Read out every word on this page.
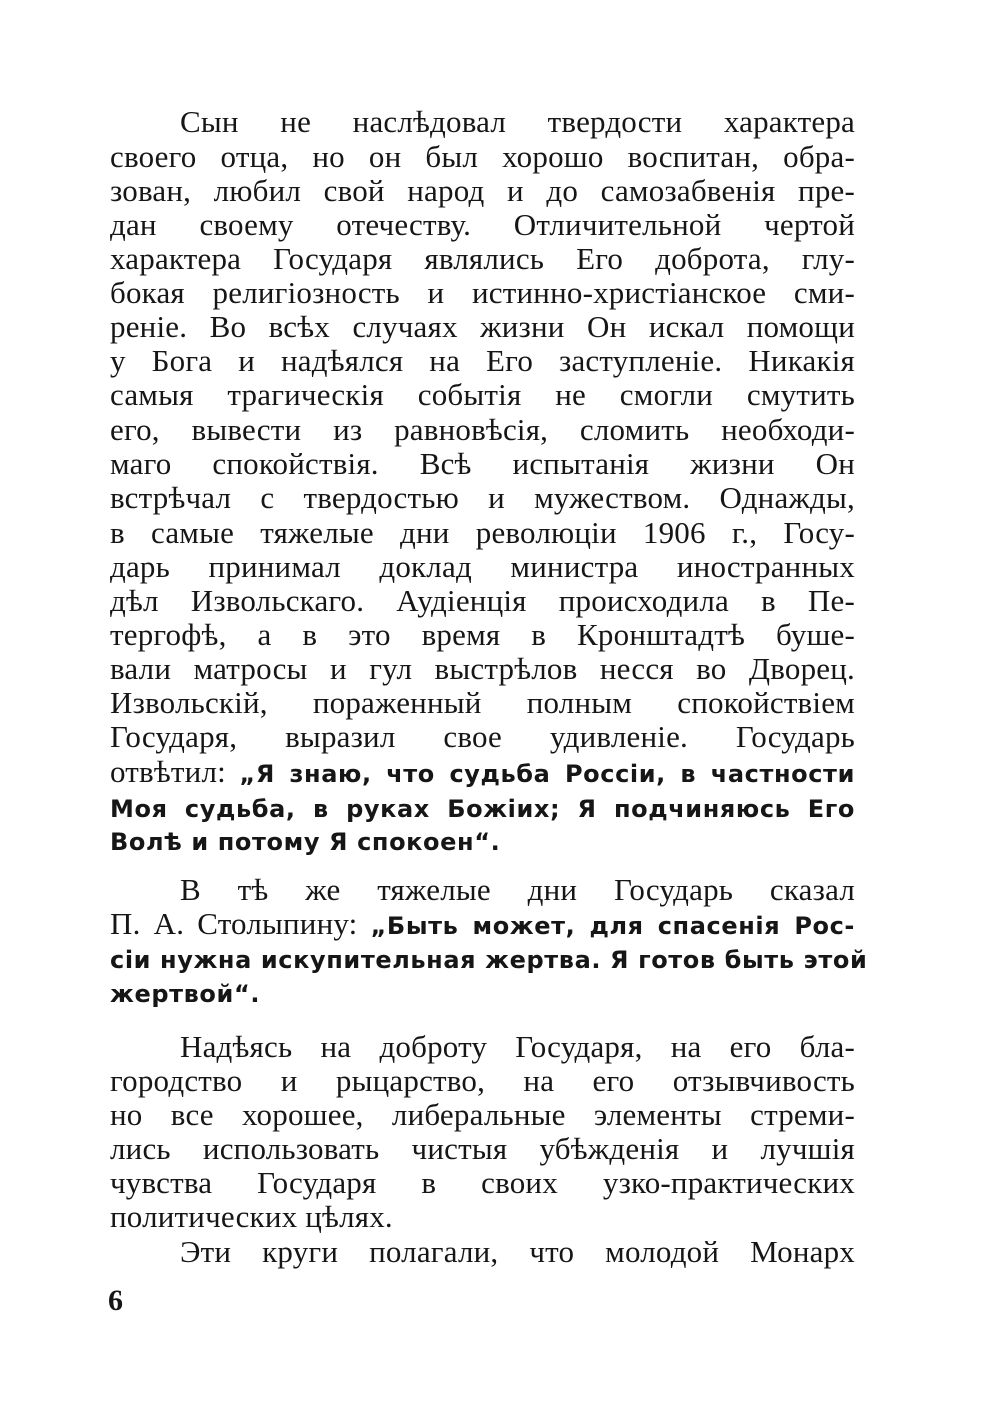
Сын не наслѣдовал твердости характера
своего отца, но он был хорошо воспитан, обра-
зован, любил свой народ и до самозабвенія пре-
дан своему отечеству. Отличительной чертой
характера Государя являлись Его доброта, глу-
бокая религіозность и истинно-христіанское сми-
реніе. Во всѣх случаях жизни Он искал помощи
у Бога и надѣялся на Его заступленіе. Никакія
самыя трагическія событія не смогли смутить
его, вывести из равновѣсія, сломить необходи-
маго спокойствія. Всѣ испытанія жизни Он
встрѣчал с твердостью и мужеством. Однажды,
в самые тяжелые дни революціи 1906 г., Госу-
дарь принимал доклад министра иностранных
дѣл Извольскаго. Аудіенція происходила в Пе-
тергофѣ, а в это время в Кронштадтѣ буше-
вали матросы и гул выстрѣлов несся во Дворец.
Извольскій, пораженный полным спокойствіем
Государя, выразил свое удивленіе. Государь
отвѣтил: „Я знаю, что судьба Россіи, в частности
Моя судьба, в руках Божіих; Я подчиняюсь Его
Волѣ и потому Я спокоен“.
В тѣ же тяжелые дни Государь сказал
П. А. Столыпину: „Быть может, для спасенія Рос-
сіи нужна искупительная жертва. Я готов быть этой
жертвой“.
Надѣясь на доброту Государя, на его бла-
городство и рыцарство, на его отзывчивость
но все хорошее, либеральные элементы стреми-
лись использовать чистыя убѣжденія и лучшія
чувства Государя в своих узко-практических
политических цѣлях.
Эти круги полагали, что молодой Монарх
6
